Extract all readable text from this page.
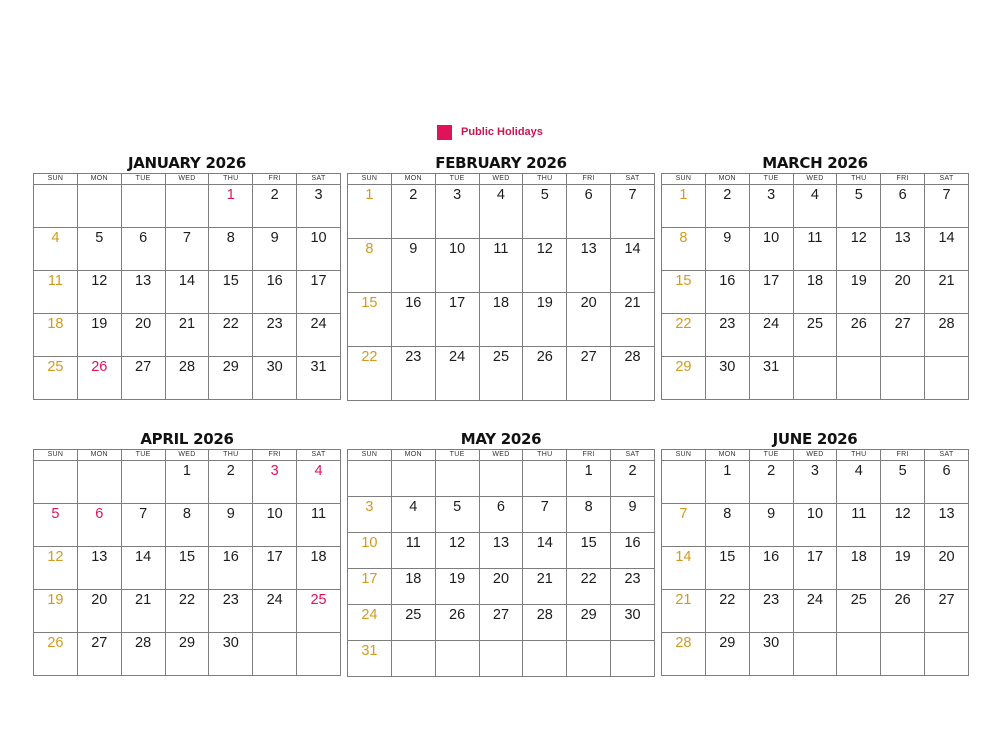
Public Holidays
JANUARY 2026
SUN	MON	TUE	WED	THU	FRI	SAT

				1	2	3

4	5	6	7	8	9	10

11	12	13	14	15	16	17

18	19	20	21	22	23	24

25	26	27	28	29	30	31
FEBRUARY 2026
SUN	MON	TUE	WED	THU	FRI	SAT

1	2	3	4	5	6	7

8	9	10	11	12	13	14

15	16	17	18	19	20	21

22	23	24	25	26	27	28
MARCH 2026
SUN	MON	TUE	WED	THU	FRI	SAT

1	2	3	4	5	6	7

8	9	10	11	12	13	14

15	16	17	18	19	20	21

22	23	24	25	26	27	28

29	30	31				

APRIL 2026
SUN	MON	TUE	WED	THU	FRI	SAT

			1	2	3	4

5	6	7	8	9	10	11

12	13	14	15	16	17	18

19	20	21	22	23	24	25

26	27	28	29	30		

MAY 2026
SUN	MON	TUE	WED	THU	FRI	SAT

					1	2

3	4	5	6	7	8	9

10	11	12	13	14	15	16

17	18	19	20	21	22	23

24	25	26	27	28	29	30

31						

JUNE 2026
SUN	MON	TUE	WED	THU	FRI	SAT

	1	2	3	4	5	6

7	8	9	10	11	12	13

14	15	16	17	18	19	20

21	22	23	24	25	26	27

28	29	30				
